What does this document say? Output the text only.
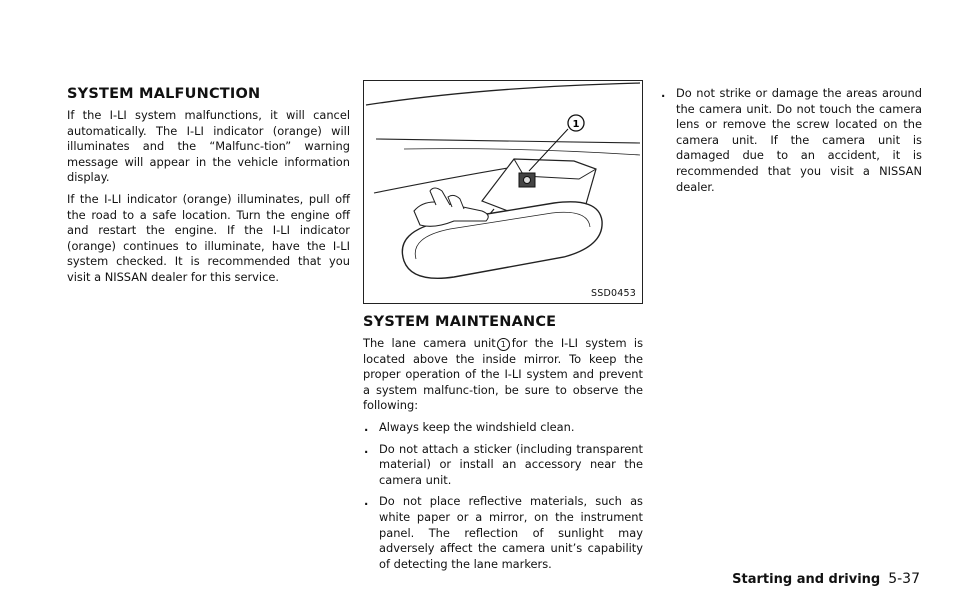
SYSTEM MALFUNCTION

If the I-LI system malfunctions, it will cancel automatically. The I-LI indicator (orange) will illuminates and the “Malfunc-tion” warning message will appear in the vehicle information display.

If the I-LI indicator (orange) illuminates, pull off the road to a safe location. Turn the engine off and restart the engine. If the I-LI indicator (orange) continues to illuminate, have the I-LI system checked. It is recommended that you visit a NISSAN dealer for this service.

1
SSD0453
SYSTEM MAINTENANCE

The lane camera unit 1 for the I-LI system is located above the inside mirror. To keep the proper operation of the I-LI system and prevent a system malfunc-tion, be sure to observe the following:

. Always keep the windshield clean.
. Do not attach a sticker (including transparent material) or install an accessory near the camera unit.
. Do not place reflective materials, such as white paper or a mirror, on the instrument panel. The reflection of sunlight may adversely affect the camera unit’s capability of detecting the lane markers.
. Do not strike or damage the areas around the camera unit. Do not touch the camera lens or remove the screw located on the camera unit. If the camera unit is damaged due to an accident, it is recommended that you visit a NISSAN dealer.
Starting and driving 5-37
